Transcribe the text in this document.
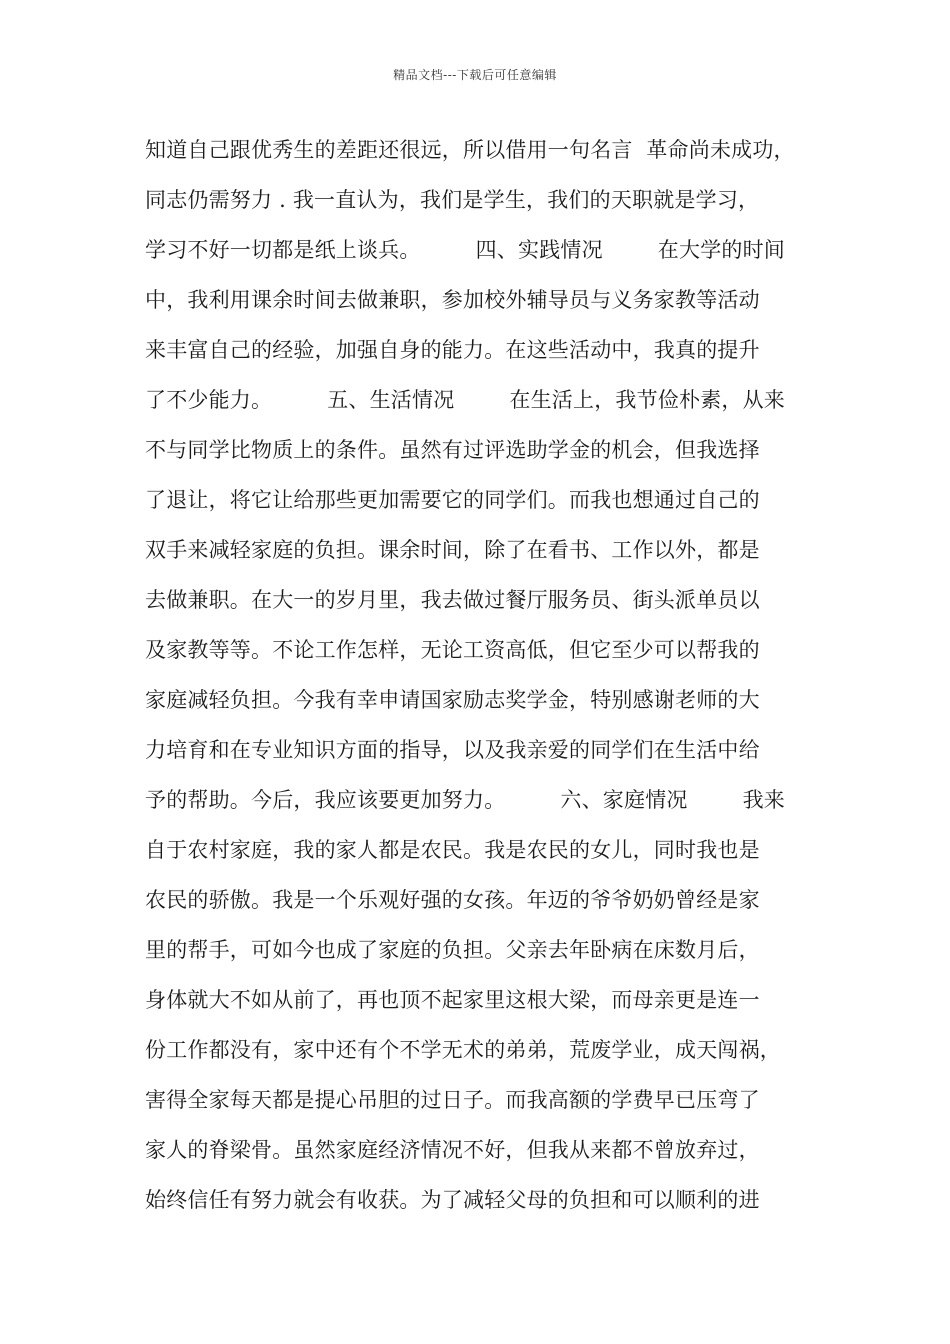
精品文档---下载后可任意编辑
知道自己跟优秀生的差距还很远，所以借用一句名言  革命尚未成功，
同志仍需努力 . 我一直认为，我们是学生，我们的天职就是学习，
学习不好一切都是纸上谈兵。        四、实践情况        在大学的时间
中，我利用课余时间去做兼职，参加校外辅导员与义务家教等活动
来丰富自己的经验，加强自身的能力。在这些活动中，我真的提升
了不少能力。        五、生活情况        在生活上，我节俭朴素，从来
不与同学比物质上的条件。虽然有过评选助学金的机会，但我选择
了退让，将它让给那些更加需要它的同学们。而我也想通过自己的
双手来减轻家庭的负担。课余时间，除了在看书、工作以外，都是
去做兼职。在大一的岁月里，我去做过餐厅服务员、街头派单员以
及家教等等。不论工作怎样，无论工资高低，但它至少可以帮我的
家庭减轻负担。今我有幸申请国家励志奖学金，特别感谢老师的大
力培育和在专业知识方面的指导，以及我亲爱的同学们在生活中给
予的帮助。今后，我应该要更加努力。        六、家庭情况        我来
自于农村家庭，我的家人都是农民。我是农民的女儿，同时我也是
农民的骄傲。我是一个乐观好强的女孩。年迈的爷爷奶奶曾经是家
里的帮手，可如今也成了家庭的负担。父亲去年卧病在床数月后，
身体就大不如从前了，再也顶不起家里这根大梁，而母亲更是连一
份工作都没有，家中还有个不学无术的弟弟，荒废学业，成天闯祸，
害得全家每天都是提心吊胆的过日子。而我高额的学费早已压弯了
家人的脊梁骨。虽然家庭经济情况不好，但我从来都不曾放弃过，
始终信任有努力就会有收获。为了减轻父母的负担和可以顺利的进
